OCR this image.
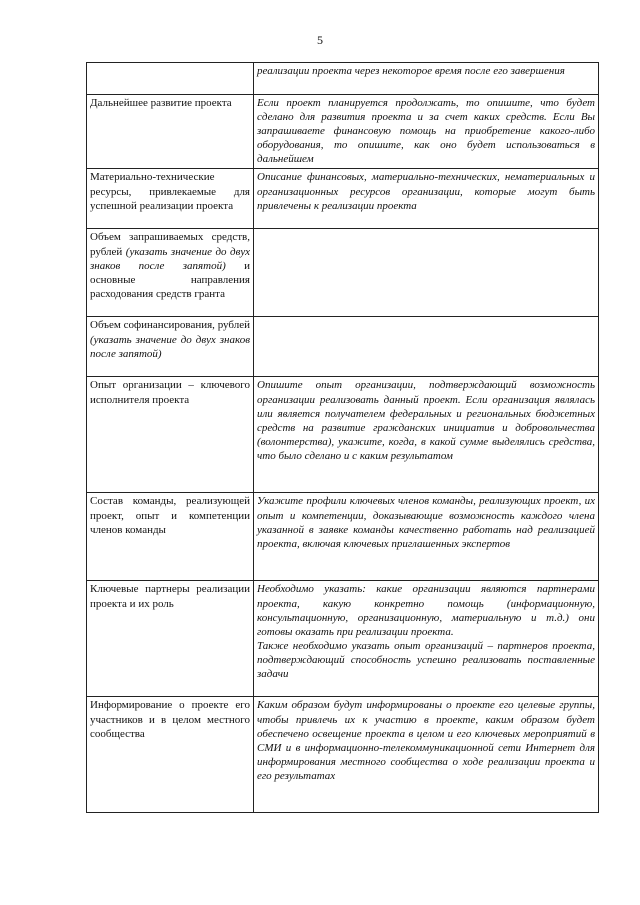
5
	реализации проекта через некоторое время после его завершения
Дальнейшее развитие проекта	Если проект планируется продолжать, то опишите, что будет сделано для развития проекта и за счет каких средств. Если Вы запрашиваете финансовую помощь на приобретение какого-либо оборудования, то опишите, как оно будет использоваться в дальнейшем
Материально-технические ресурсы, привлекаемые для успешной реализации проекта	Описание финансовых, материально-технических, нематериальных и организационных ресурсов организации, которые могут быть привлечены к реализации проекта
Объем запрашиваемых средств, рублей (указать значение до двух знаков после запятой) и основные направления расходования средств гранта	
Объем софинансирования, рублей (указать значение до двух знаков после запятой)	
Опыт организации – ключевого исполнителя проекта	Опишите опыт организации, подтверждающий возможность организации реализовать данный проект. Если организация являлась или является получателем федеральных и региональных бюджетных средств на развитие гражданских инициатив и добровольчества (волонтерства), укажите, когда, в какой сумме выделялись средства, что было сделано и с каким результатом
Состав команды, реализующей проект, опыт и компетенции членов команды	Укажите профили ключевых членов команды, реализующих проект, их опыт и компетенции, доказывающие возможность каждого члена указанной в заявке команды качественно работать над реализацией проекта, включая ключевых приглашенных экспертов
Ключевые партнеры реализации проекта и их роль	Необходимо указать: какие организации являются партнерами проекта, какую конкретно помощь (информационную, консультационную, организационную, материальную и т.д.) они готовы оказать при реализации проекта.
Также необходимо указать опыт организаций – партнеров проекта, подтверждающий способность успешно реализовать поставленные задачи

Информирование о проекте его участников и в целом местного сообщества	Каким образом будут информированы о проекте его целевые группы, чтобы привлечь их к участию в проекте, каким образом будет обеспечено освещение проекта в целом и его ключевых мероприятий в СМИ и в информационно-телекоммуникационной сети Интернет для информирования местного сообщества о ходе реализации проекта и его результатах
